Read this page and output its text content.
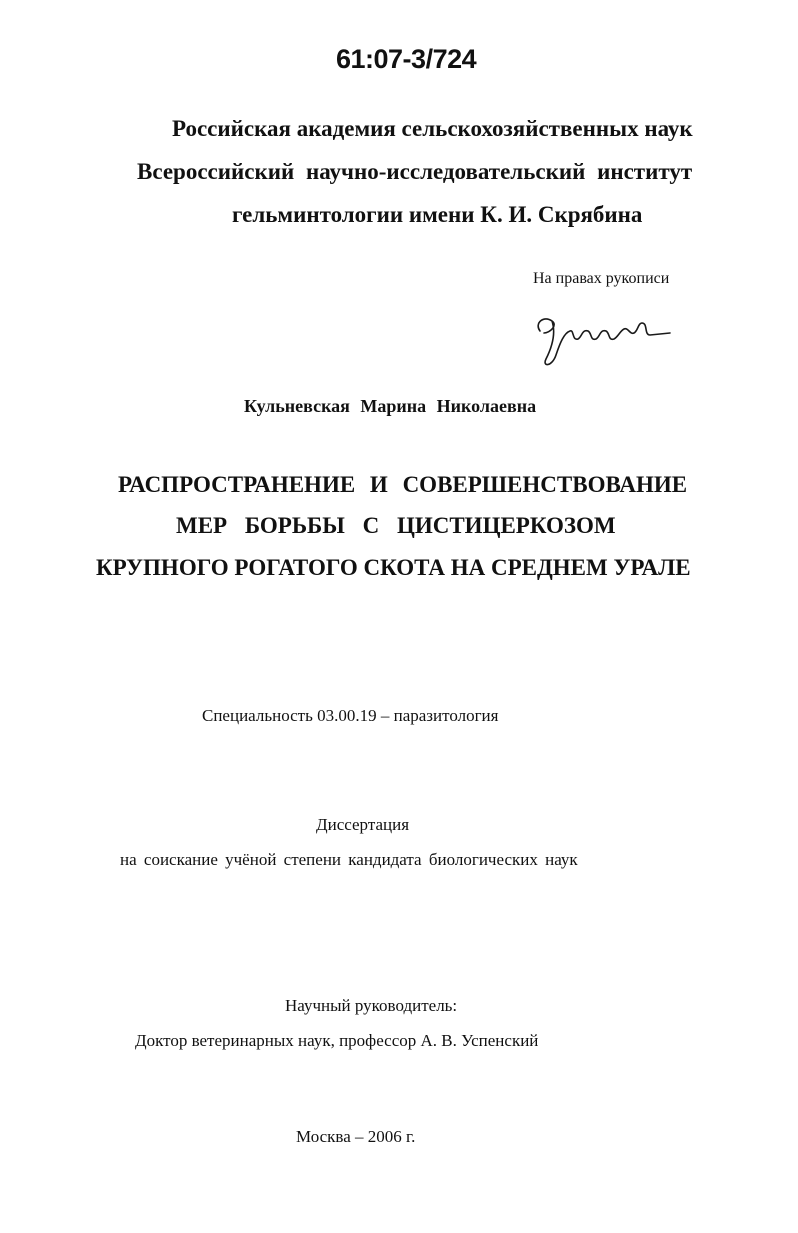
61:07-3/724
Российская академия сельскохозяйственных наук
Всероссийский научно-исследовательский институт
гельминтологии имени К. И. Скрябина
На правах рукописи
Кульневская Марина Николаевна
РАСПРОСТРАНЕНИЕ И СОВЕРШЕНСТВОВАНИЕ
МЕР БОРЬБЫ С ЦИСТИЦЕРКОЗОМ
КРУПНОГО РОГАТОГО СКОТА НА СРЕДНЕМ УРАЛЕ
Специальность 03.00.19 – паразитология
Диссертация
на соискание учёной степени кандидата биологических наук
Научный руководитель:
Доктор ветеринарных наук, профессор А. В. Успенский
Москва – 2006 г.
